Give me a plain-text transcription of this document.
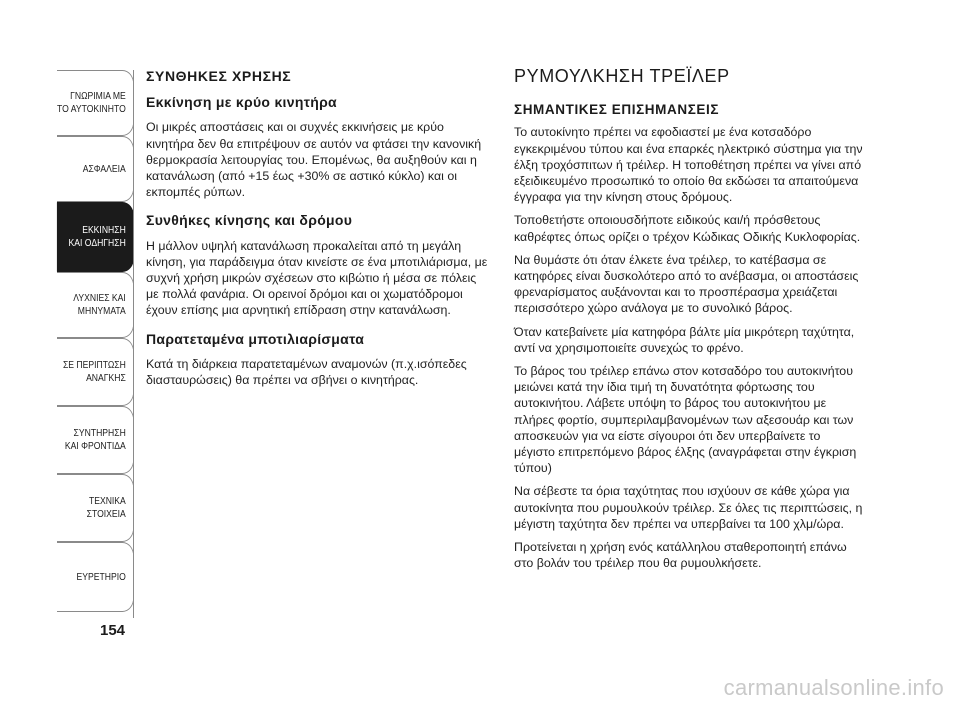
ΓΝΩΡΙΜΙΑ ΜΕ
ΤΟ ΑΥΤΟΚΙΝΗΤΟ
ΑΣΦΑΛΕΙΑ
ΕΚΚΙΝΗΣΗ
ΚΑΙ ΟΔΗΓΗΣΗ
ΛΥΧΝΙΕΣ ΚΑΙ
ΜΗΝΥΜΑΤΑ
ΣΕ ΠΕΡΙΠΤΩΣΗ
ΑΝΑΓΚΗΣ
ΣΥΝΤΗΡΗΣΗ
ΚΑΙ ΦΡΟΝΤΙΔΑ
ΤΕΧΝΙΚΑ
ΣΤΟΙΧΕΙΑ
ΕΥΡΕΤΗΡΙΟ
154
ΣΥΝΘΗΚΕΣ ΧΡΗΣΗΣ
Εκκίνηση με κρύο κινητήρα

Οι μικρές αποστάσεις και οι συχνές εκκινήσεις με κρύο κινητήρα δεν θα επιτρέψουν σε αυτόν να φτάσει την κανονική θερμοκρασία λειτουργίας του. Επομένως, θα αυξηθούν και η κατανάλωση (από +15 έως +30% σε αστικό κύκλο) και οι εκπομπές ρύπων.

Συνθήκες κίνησης και δρόμου

Η μάλλον υψηλή κατανάλωση προκαλείται από τη μεγάλη κίνηση, για παράδειγμα όταν κινείστε σε ένα μποτιλιάρισμα, με συχνή χρήση μικρών σχέσεων στο κιβώτιο ή μέσα σε πόλεις με πολλά φανάρια. Οι ορεινοί δρόμοι και οι χωματόδρομοι έχουν επίσης μια αρνητική επίδραση στην κατανάλωση.

Παρατεταμένα μποτιλιαρίσματα

Κατά τη διάρκεια παρατεταμένων αναμονών (π.χ.ισόπεδες διασταυρώσεις) θα πρέπει να σβήνει ο κινητήρας.

ΡΥΜΟΥΛΚΗΣΗ ΤΡΕΪΛΕΡ
ΣΗΜΑΝΤΙΚΕΣ ΕΠΙΣΗΜΑΝΣΕΙΣ

Το αυτοκίνητο πρέπει να εφοδιαστεί με ένα κοτσαδόρο εγκεκριμένου τύπου και ένα επαρκές ηλεκτρικό σύστημα για την έλξη τροχόσπιτων ή τρέιλερ. Η τοποθέτηση πρέπει να γίνει από εξειδικευμένο προσωπικό το οποίο θα εκδώσει τα απαιτούμενα έγγραφα για την κίνηση στους δρόμους.

Τοποθετήστε οποιουσδήποτε ειδικούς και/ή πρόσθετους καθρέφτες όπως ορίζει ο τρέχον Κώδικας Οδικής Κυκλοφορίας.

Να θυμάστε ότι όταν έλκετε ένα τρέιλερ, το κατέβασμα σε κατηφόρες είναι δυσκολότερο από το ανέβασμα, οι αποστάσεις φρεναρίσματος αυξάνονται και το προσπέρασμα χρειάζεται περισσότερο χώρο ανάλογα με το συνολικό βάρος.

Όταν κατεβαίνετε μία κατηφόρα βάλτε μία μικρότερη ταχύτητα, αντί να χρησιμοποιείτε συνεχώς το φρένο.

Το βάρος του τρέιλερ επάνω στον κοτσαδόρο του αυτοκινήτου μειώνει κατά την ίδια τιμή τη δυνατότητα φόρτωσης του αυτοκινήτου. Λάβετε υπόψη το βάρος του αυτοκινήτου με πλήρες φορτίο, συμπεριλαμβανομένων των αξεσουάρ και των αποσκευών για να είστε σίγουροι ότι δεν υπερβαίνετε το μέγιστο επιτρεπόμενο βάρος έλξης (αναγράφεται στην έγκριση τύπου)

Να σέβεστε τα όρια ταχύτητας που ισχύουν σε κάθε χώρα για αυτοκίνητα που ρυμουλκούν τρέιλερ. Σε όλες τις περιπτώσεις, η μέγιστη ταχύτητα δεν πρέπει να υπερβαίνει τα 100 χλμ/ώρα.

Προτείνεται η χρήση ενός κατάλληλου σταθεροποιητή επάνω στο βολάν του τρέιλερ που θα ρυμουλκήσετε.

carmanualsonline.info
